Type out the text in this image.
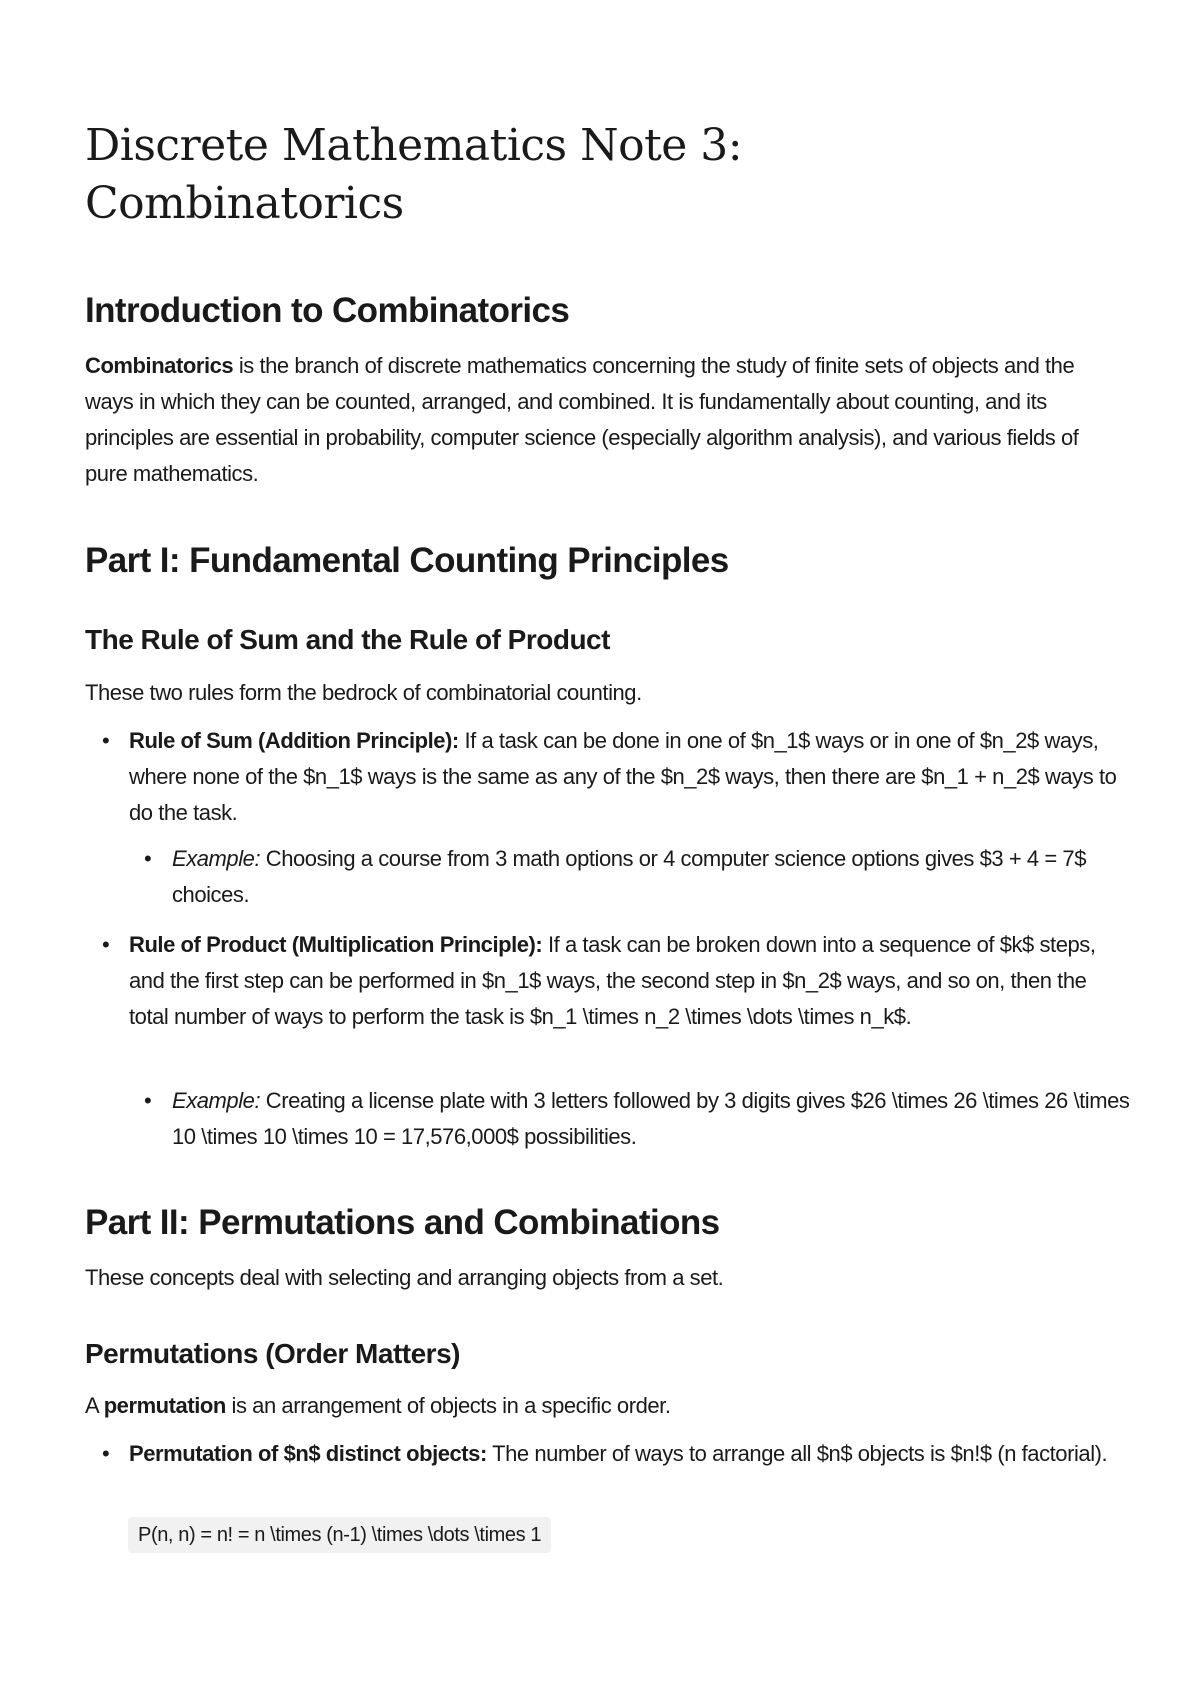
Discrete Mathematics Note 3: Combinatorics
Introduction to Combinatorics

Combinatorics is the branch of discrete mathematics concerning the study of finite sets of objects and the ways in which they can be counted, arranged, and combined. It is fundamentally about counting, and its principles are essential in probability, computer science (especially algorithm analysis), and various fields of pure mathematics.

Part I: Fundamental Counting Principles
The Rule of Sum and the Rule of Product

These two rules form the bedrock of combinatorial counting.

• Rule of Sum (Addition Principle): If a task can be done in one of $n_1$ ways or in one of $n_2$ ways, where none of the $n_1$ ways is the same as any of the $n_2$ ways, then there are $n_1 + n_2$ ways to do the task.
• Example: Choosing a course from 3 math options or 4 computer science options gives $3 + 4 = 7$ choices.
• Rule of Product (Multiplication Principle): If a task can be broken down into a sequence of $k$ steps, and the first step can be performed in $n_1$ ways, the second step in $n_2$ ways, and so on, then the total number of ways to perform the task is $n_1 \times n_2 \times \dots \times n_k$.
• Example: Creating a license plate with 3 letters followed by 3 digits gives $26 \times 26 \times 26 \times 10 \times 10 \times 10 = 17,576,000$ possibilities.
Part II: Permutations and Combinations

These concepts deal with selecting and arranging objects from a set.

Permutations (Order Matters)

A permutation is an arrangement of objects in a specific order.

• Permutation of $n$ distinct objects: The number of ways to arrange all $n$ objects is $n!$ (n factorial).
P(n, n) = n! = n \times (n-1) \times \dots \times 1
